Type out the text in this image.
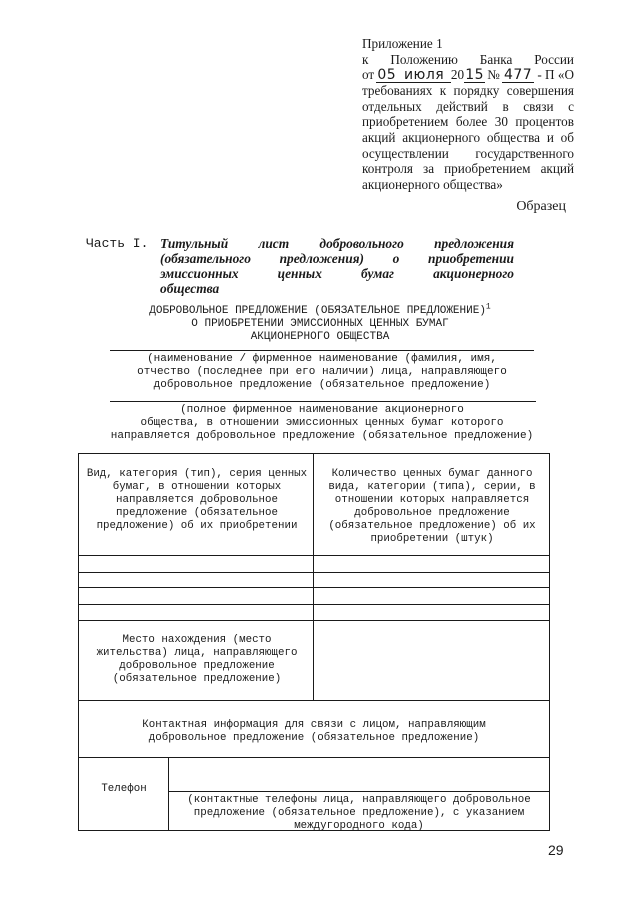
Приложение 1
к Положению Банка России
от 05 июля 20 15 № 477 - П «О
требованиях к порядку совершения
отдельных действий в связи с
приобретением более 30 процентов
акций акционерного общества и об
осуществлении государственного
контроля за приобретением акций
акционерного общества»
Образец
Часть I. Титульный лист добровольного предложения
(обязательного предложения) о приобретении
эмиссионных ценных бумаг акционерного
общества
ДОБРОВОЛЬНОЕ ПРЕДЛОЖЕНИЕ (ОБЯЗАТЕЛЬНОЕ ПРЕДЛОЖЕНИЕ)$^1$
О ПРИОБРЕТЕНИИ ЭМИССИОННЫХ ЦЕННЫХ БУМАГ
АКЦИОНЕРНОГО ОБЩЕСТВА
(наименование / фирменное наименование (фамилия, имя,
отчество (последнее при его наличии) лица, направляющего
добровольное предложение (обязательное предложение)
(полное фирменное наименование акционерного
общества, в отношении эмиссионных ценных бумаг которого
направляется добровольное предложение (обязательное предложение)
Вид, категория (тип), серия ценных
бумаг, в отношении которых
направляется добровольное
предложение (обязательное
предложение) об их приобретении
Количество ценных бумаг данного
вида, категории (типа), серии, в
отношении которых направляется
добровольное предложение
(обязательное предложение) об их
приобретении (штук)
Место нахождения (место
жительства) лица, направляющего
добровольное предложение
(обязательное предложение)
Контактная информация для связи с лицом, направляющим
добровольное предложение (обязательное предложение)
Телефон
(контактные телефоны лица, направляющего добровольное
предложение (обязательное предложение), с указанием
междугородного кода)
29
